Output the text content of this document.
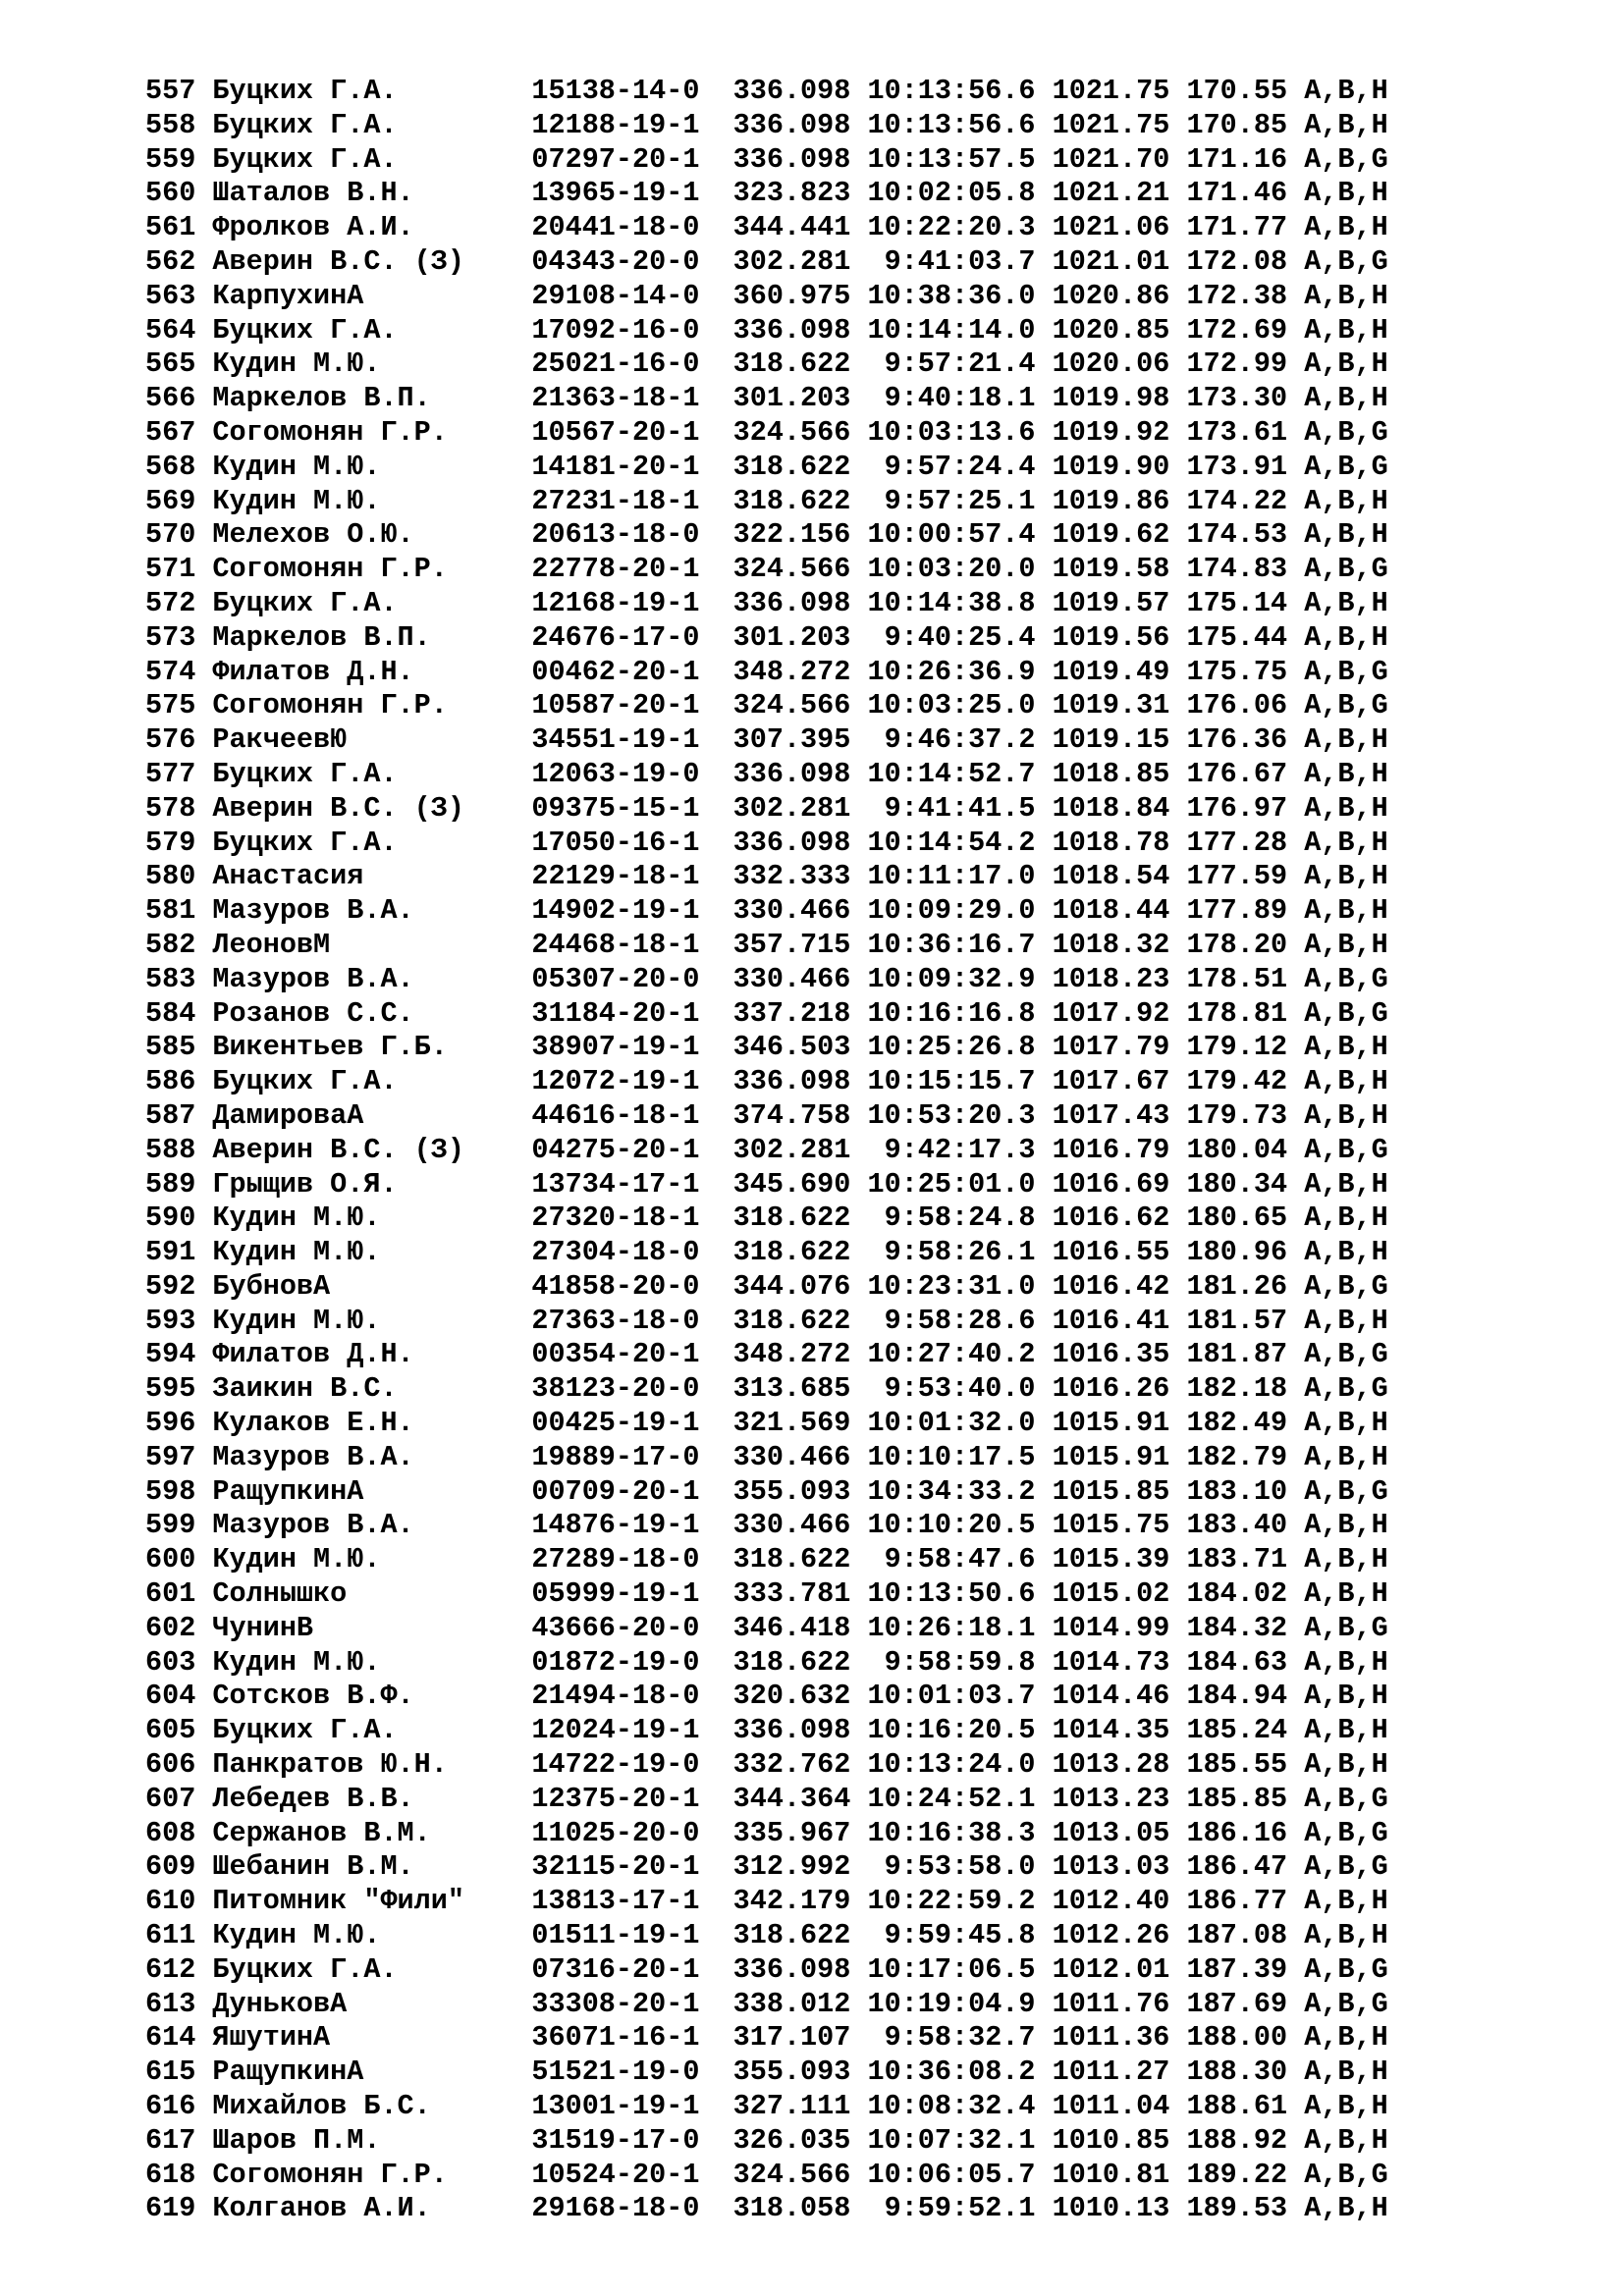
557 Буцких Г.А.	15138-14-0 336.098 10:13:56.6 1021.75 170.55 A,B,H
558 Буцких Г.А.	12188-19-1 336.098 10:13:56.6 1021.75 170.85 A,B,H
559 Буцких Г.А.	07297-20-1 336.098 10:13:57.5 1021.70 171.16 A,B,G
560 Шаталов В.Н.	13965-19-1 323.823 10:02:05.8 1021.21 171.46 A,B,H
561 Фролков А.И.	20441-18-0 344.441 10:22:20.3 1021.06 171.77 A,B,H
562 Аверин В.С. (З) 04343-20-0 302.281 9:41:03.7 1021.01 172.08 A,B,G
563 КарпухинА	29108-14-0 360.975 10:38:36.0 1020.86 172.38 A,B,H
564 Буцких Г.А.	17092-16-0 336.098 10:14:14.0 1020.85 172.69 A,B,H
565 Кудин М.Ю.	25021-16-0 318.622 9:57:21.4 1020.06 172.99 A,B,H
566 Маркелов В.П.	21363-18-1 301.203 9:40:18.1 1019.98 173.30 A,B,H
567 Согомонян Г.Р.	10567-20-1 324.566 10:03:13.6 1019.92 173.61 A,B,G
568 Кудин М.Ю.	14181-20-1 318.622 9:57:24.4 1019.90 173.91 A,B,G
569 Кудин М.Ю.	27231-18-1 318.622 9:57:25.1 1019.86 174.22 A,B,H
570 Мелехов О.Ю.	20613-18-0 322.156 10:00:57.4 1019.62 174.53 A,B,H
571 Согомонян Г.Р.	22778-20-1 324.566 10:03:20.0 1019.58 174.83 A,B,G
572 Буцких Г.А.	12168-19-1 336.098 10:14:38.8 1019.57 175.14 A,B,H
573 Маркелов В.П.	24676-17-0 301.203 9:40:25.4 1019.56 175.44 A,B,H
574 Филатов Д.Н.	00462-20-1 348.272 10:26:36.9 1019.49 175.75 A,B,G
575 Согомонян Г.Р.	10587-20-1 324.566 10:03:25.0 1019.31 176.06 A,B,G
576 РакчеевЮ	34551-19-1 307.395 9:46:37.2 1019.15 176.36 A,B,H
577 Буцких Г.А.	12063-19-0 336.098 10:14:52.7 1018.85 176.67 A,B,H
578 Аверин В.С. (З) 09375-15-1 302.281 9:41:41.5 1018.84 176.97 A,B,H
579 Буцких Г.А.	17050-16-1 336.098 10:14:54.2 1018.78 177.28 A,B,H
580 Анастасия	22129-18-1 332.333 10:11:17.0 1018.54 177.59 A,B,H
581 Мазуров В.А.	14902-19-1 330.466 10:09:29.0 1018.44 177.89 A,B,H
582 ЛеоновМ	24468-18-1 357.715 10:36:16.7 1018.32 178.20 A,B,H
583 Мазуров В.А.	05307-20-0 330.466 10:09:32.9 1018.23 178.51 A,B,G
584 Розанов С.С.	31184-20-1 337.218 10:16:16.8 1017.92 178.81 A,B,G
585 Викентьев Г.Б.	38907-19-1 346.503 10:25:26.8 1017.79 179.12 A,B,H
586 Буцких Г.А.	12072-19-1 336.098 10:15:15.7 1017.67 179.42 A,B,H
587 ДамироваА	44616-18-1 374.758 10:53:20.3 1017.43 179.73 A,B,H
588 Аверин В.С. (З) 04275-20-1 302.281 9:42:17.3 1016.79 180.04 A,B,G
589 Грыщив О.Я.	13734-17-1 345.690 10:25:01.0 1016.69 180.34 A,B,H
590 Кудин М.Ю.	27320-18-1 318.622 9:58:24.8 1016.62 180.65 A,B,H
591 Кудин М.Ю.	27304-18-0 318.622 9:58:26.1 1016.55 180.96 A,B,H
592 БубновА	41858-20-0 344.076 10:23:31.0 1016.42 181.26 A,B,G
593 Кудин М.Ю.	27363-18-0 318.622 9:58:28.6 1016.41 181.57 A,B,H
594 Филатов Д.Н.	00354-20-1 348.272 10:27:40.2 1016.35 181.87 A,B,G
595 Заикин В.С.	38123-20-0 313.685 9:53:40.0 1016.26 182.18 A,B,G
596 Кулаков Е.Н.	00425-19-1 321.569 10:01:32.0 1015.91 182.49 A,B,H
597 Мазуров В.А.	19889-17-0 330.466 10:10:17.5 1015.91 182.79 A,B,H
598 РащупкинА	00709-20-1 355.093 10:34:33.2 1015.85 183.10 A,B,G
599 Мазуров В.А.	14876-19-1 330.466 10:10:20.5 1015.75 183.40 A,B,H
600 Кудин М.Ю.	27289-18-0 318.622 9:58:47.6 1015.39 183.71 A,B,H
601 Солнышко	05999-19-1 333.781 10:13:50.6 1015.02 184.02 A,B,H
602 ЧунинВ	43666-20-0 346.418 10:26:18.1 1014.99 184.32 A,B,G
603 Кудин М.Ю.	01872-19-0 318.622 9:58:59.8 1014.73 184.63 A,B,H
604 Сотсков В.Ф.	21494-18-0 320.632 10:01:03.7 1014.46 184.94 A,B,H
605 Буцких Г.А.	12024-19-1 336.098 10:16:20.5 1014.35 185.24 A,B,H
606 Панкратов Ю.Н.	14722-19-0 332.762 10:13:24.0 1013.28 185.55 A,B,H
607 Лебедев В.В.	12375-20-1 344.364 10:24:52.1 1013.23 185.85 A,B,G
608 Сержанов В.М.	11025-20-0 335.967 10:16:38.3 1013.05 186.16 A,B,G
609 Шебанин В.М.	32115-20-1 312.992 9:53:58.0 1013.03 186.47 A,B,G
610 Питомник "Фили" 13813-17-1 342.179 10:22:59.2 1012.40 186.77 A,B,H
611 Кудин М.Ю.	01511-19-1 318.622 9:59:45.8 1012.26 187.08 A,B,H
612 Буцких Г.А.	07316-20-1 336.098 10:17:06.5 1012.01 187.39 A,B,G
613 ДуньковА	33308-20-1 338.012 10:19:04.9 1011.76 187.69 A,B,G
614 ЯшутинА	36071-16-1 317.107 9:58:32.7 1011.36 188.00 A,B,H
615 РащупкинА	51521-19-0 355.093 10:36:08.2 1011.27 188.30 A,B,H
616 Михайлов Б.С.	13001-19-1 327.111 10:08:32.4 1011.04 188.61 A,B,H
617 Шаров П.М.	31519-17-0 326.035 10:07:32.1 1010.85 188.92 A,B,H
618 Согомонян Г.Р.	10524-20-1 324.566 10:06:05.7 1010.81 189.22 A,B,G
619 Колганов А.И.	29168-18-0 318.058 9:59:52.1 1010.13 189.53 A,B,H
